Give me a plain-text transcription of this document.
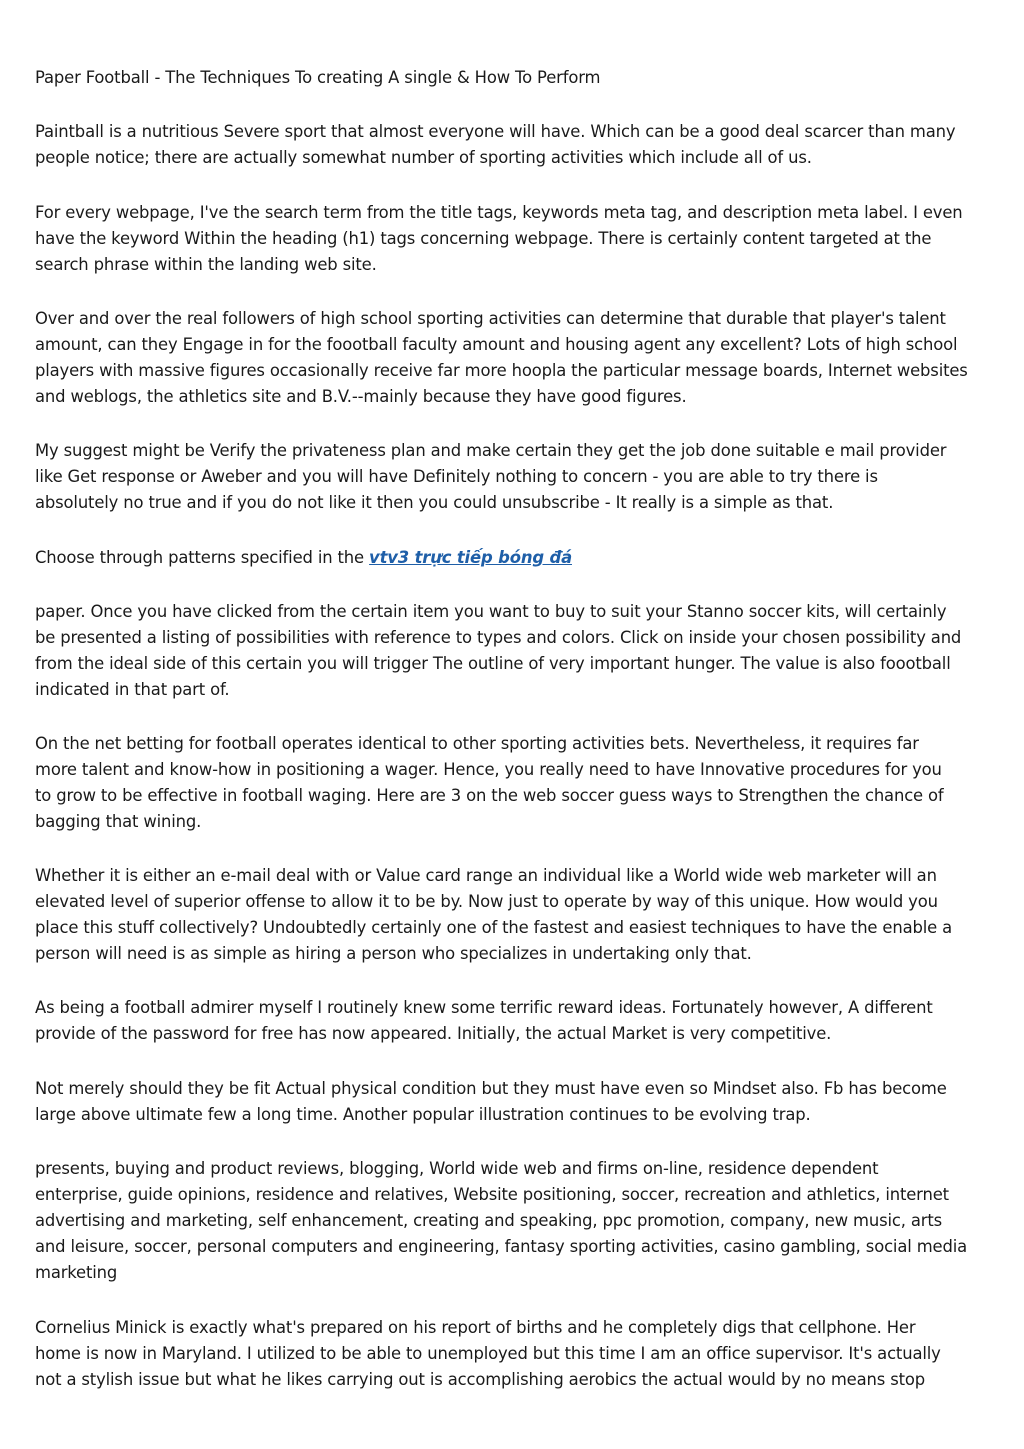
Paper Football - The Techniques To creating A single & How To Perform

Paintball is a nutritious Severe sport that almost everyone will have. Which can be a good deal scarcer than many
people notice; there are actually somewhat number of sporting activities which include all of us.

For every webpage, I've the search term from the title tags, keywords meta tag, and description meta label. I even
have the keyword Within the heading (h1) tags concerning webpage. There is certainly content targeted at the
search phrase within the landing web site.

Over and over the real followers of high school sporting activities can determine that durable that player's talent
amount, can they Engage in for the foootball faculty amount and housing agent any excellent? Lots of high school
players with massive figures occasionally receive far more hoopla the particular message boards, Internet websites
and weblogs, the athletics site and B.V.--mainly because they have good figures.

My suggest might be Verify the privateness plan and make certain they get the job done suitable e mail provider
like Get response or Aweber and you will have Definitely nothing to concern - you are able to try there is
absolutely no true and if you do not like it then you could unsubscribe - It really is a simple as that.

Choose through patterns specified in the vtv3 trực tiếp bóng đá

paper. Once you have clicked from the certain item you want to buy to suit your Stanno soccer kits, will certainly
be presented a listing of possibilities with reference to types and colors. Click on inside your chosen possibility and
from the ideal side of this certain you will trigger The outline of very important hunger. The value is also foootball
indicated in that part of.

On the net betting for football operates identical to other sporting activities bets. Nevertheless, it requires far
more talent and know-how in positioning a wager. Hence, you really need to have Innovative procedures for you
to grow to be effective in football waging. Here are 3 on the web soccer guess ways to Strengthen the chance of
bagging that wining.

Whether it is either an e-mail deal with or Value card range an individual like a World wide web marketer will an
elevated level of superior offense to allow it to be by. Now just to operate by way of this unique. How would you
place this stuff collectively? Undoubtedly certainly one of the fastest and easiest techniques to have the enable a
person will need is as simple as hiring a person who specializes in undertaking only that.

As being a football admirer myself I routinely knew some terrific reward ideas. Fortunately however, A different
provide of the password for free has now appeared. Initially, the actual Market is very competitive.

Not merely should they be fit Actual physical condition but they must have even so Mindset also. Fb has become
large above ultimate few a long time. Another popular illustration continues to be evolving trap.

presents, buying and product reviews, blogging, World wide web and firms on-line, residence dependent
enterprise, guide opinions, residence and relatives, Website positioning, soccer, recreation and athletics, internet
advertising and marketing, self enhancement, creating and speaking, ppc promotion, company, new music, arts
and leisure, soccer, personal computers and engineering, fantasy sporting activities, casino gambling, social media
marketing

Cornelius Minick is exactly what's prepared on his report of births and he completely digs that cellphone. Her
home is now in Maryland. I utilized to be able to unemployed but this time I am an office supervisor. It's actually
not a stylish issue but what he likes carrying out is accomplishing aerobics the actual would by no means stop
